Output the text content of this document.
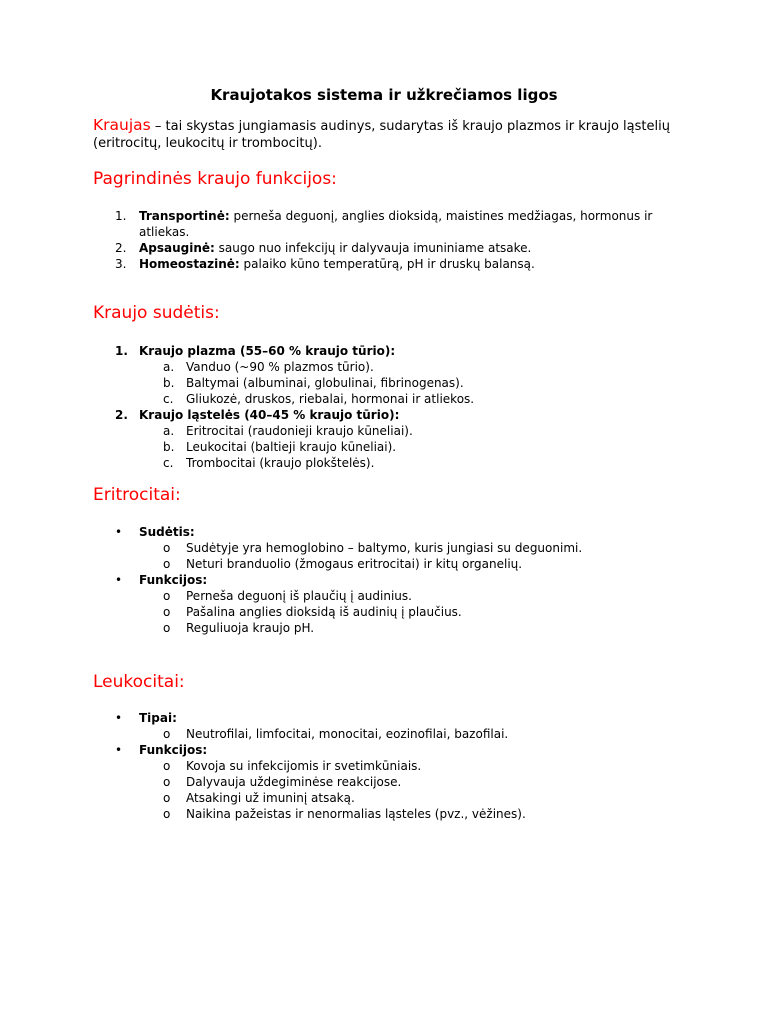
Kraujotakos sistema ir užkrečiamos ligos
Kraujas – tai skystas jungiamasis audinys, sudarytas iš kraujo plazmos ir kraujo ląstelių (eritrocitų, leukocitų ir trombocitų).
Pagrindinės kraujo funkcijos:
1. Transportinė: perneša deguonį, anglies dioksidą, maistines medžiagas, hormonus ir atliekas.
2. Apsauginė: saugo nuo infekcijų ir dalyvauja imuniniame atsake.
3. Homeostazinė: palaiko kūno temperatūrą, pH ir druskų balansą.
Kraujo sudėtis:
1. Kraujo plazma (55–60 % kraujo tūrio):
a. Vanduo (~90 % plazmos tūrio).
b. Baltymai (albuminai, globulinai, fibrinogenas).
c. Gliukozė, druskos, riebalai, hormonai ir atliekos.
2. Kraujo ląstelės (40–45 % kraujo tūrio):
a. Eritrocitai (raudonieji kraujo kūneliai).
b. Leukocitai (baltieji kraujo kūneliai).
c. Trombocitai (kraujo plokštelės).
Eritrocitai:
• Sudėtis:
o Sudėtyje yra hemoglobino – baltymo, kuris jungiasi su deguonimi.
o Neturi branduolio (žmogaus eritrocitai) ir kitų organelių.
• Funkcijos:
o Perneša deguonį iš plaučių į audinius.
o Pašalina anglies dioksidą iš audinių į plaučius.
o Reguliuoja kraujo pH.
Leukocitai:
• Tipai:
o Neutrofilai, limfocitai, monocitai, eozinofilai, bazofilai.
• Funkcijos:
o Kovoja su infekcijomis ir svetimkūniais.
o Dalyvauja uždegiminėse reakcijose.
o Atsakingi už imuninį atsaką.
o Naikina pažeistas ir nenormalias ląsteles (pvz., vėžines).
